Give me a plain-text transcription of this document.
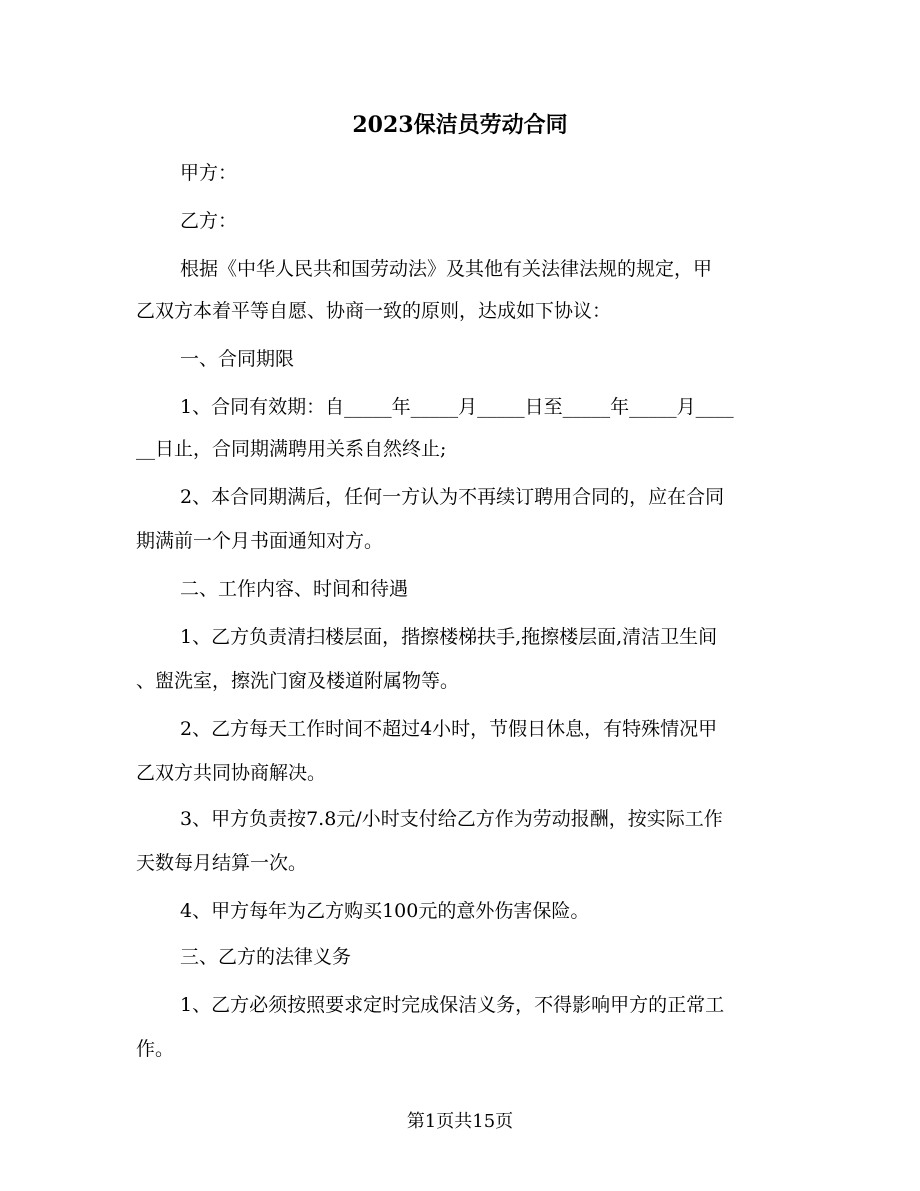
2023保洁员劳动合同
甲方：
乙方：
根据《中华人民共和国劳动法》及其他有关法律法规的规定，甲
乙双方本着平等自愿、协商一致的原则，达成如下协议：
一、合同期限
1、合同有效期：自_____年_____月_____日至_____年_____月____
__日止，合同期满聘用关系自然终止;
2、本合同期满后，任何一方认为不再续订聘用合同的，应在合同
期满前一个月书面通知对方。
二、工作内容、时间和待遇
1、乙方负责清扫楼层面，揩擦楼梯扶手,拖擦楼层面,清洁卫生间
、盥洗室，擦洗门窗及楼道附属物等。
2、乙方每天工作时间不超过4小时，节假日休息，有特殊情况甲
乙双方共同协商解决。
3、甲方负责按7.8元/小时支付给乙方作为劳动报酬，按实际工作
天数每月结算一次。
4、甲方每年为乙方购买100元的意外伤害保险。
三、乙方的法律义务
1、乙方必须按照要求定时完成保洁义务，不得影响甲方的正常工
作。
第1页共15页
